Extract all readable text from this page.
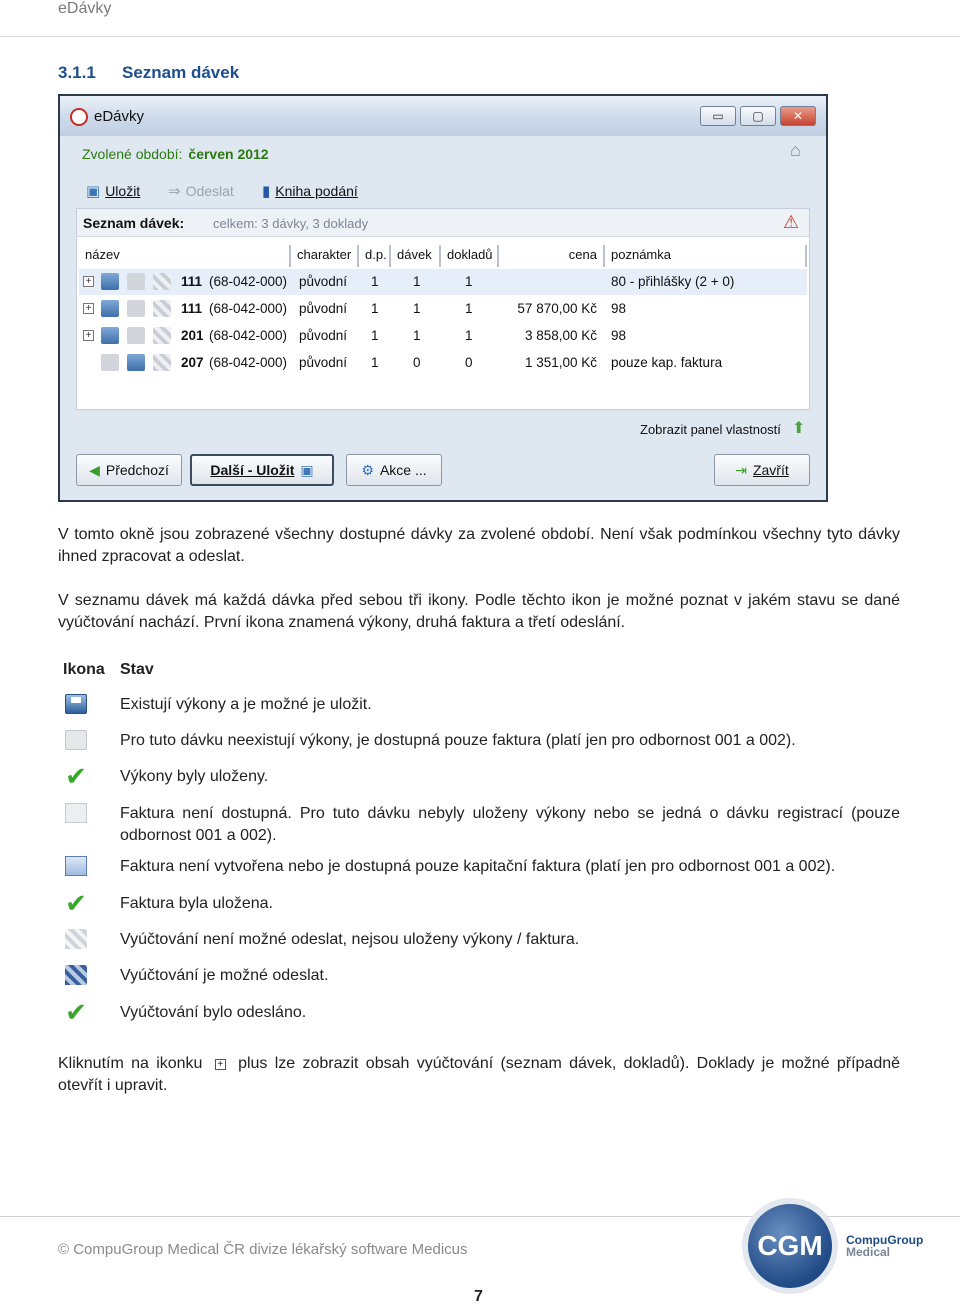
eDávky
3.1.1 Seznam dávek
eDávky	▭	▢	✕
Zvolené období: červen 2012	⌂
▣ Uložit ⇒ Odeslat ▮ Kniha podání
Seznam dávek: celkem: 3 dávky, 3 doklady	⚠
název	charakter	d.p. dávek	dokladů	cena	poznámka
+	111 (68-042-000) původní 1	1	1	80 - přihlášky (2 + 0)
+	111 (68-042-000) původní 1	1	1	57 870,00 Kč 98
+	201 (68-042-000) původní 1	1	1	3 858,00 Kč 98
207 (68-042-000) původní 1	0	0	1 351,00 Kč pouze kap. faktura
Zobrazit panel vlastností ⬆
◀ Předchozí	Další - Uložit ▣	⚙ Akce ...	⇥ Zavřít
V tomto okně jsou zobrazené všechny dostupné dávky za zvolené období. Není však podmínkou všechny tyto dávky ihned zpracovat a odeslat.
V seznamu dávek má každá dávka před sebou tři ikony. Podle těchto ikon je možné poznat v jakém stavu se dané vyúčtování nachází. První ikona znamená výkony, druhá faktura a třetí odeslání.
Ikona Stav
Existují výkony a je možné je uložit.
Pro tuto dávku neexistují výkony, je dostupná pouze faktura (platí jen pro odbornost 001 a 002).
✔ Výkony byly uloženy.
Faktura není dostupná. Pro tuto dávku nebyly uloženy výkony nebo se jedná o dávku registrací (pouze odbornost 001 a 002).
Faktura není vytvořena nebo je dostupná pouze kapitační faktura (platí jen pro odbornost 001 a 002).
✔ Faktura byla uložena.
Vyúčtování není možné odeslat, nejsou uloženy výkony / faktura.
Vyúčtování je možné odeslat.
✔ Vyúčtování bylo odesláno.
Kliknutím na ikonku + plus lze zobrazit obsah vyúčtování (seznam dávek, dokladů). Doklady je možné případně otevřít i upravit.
© CompuGroup Medical ČR divize lékařský software Medicus
7
CGM CompuGroup
Medical
